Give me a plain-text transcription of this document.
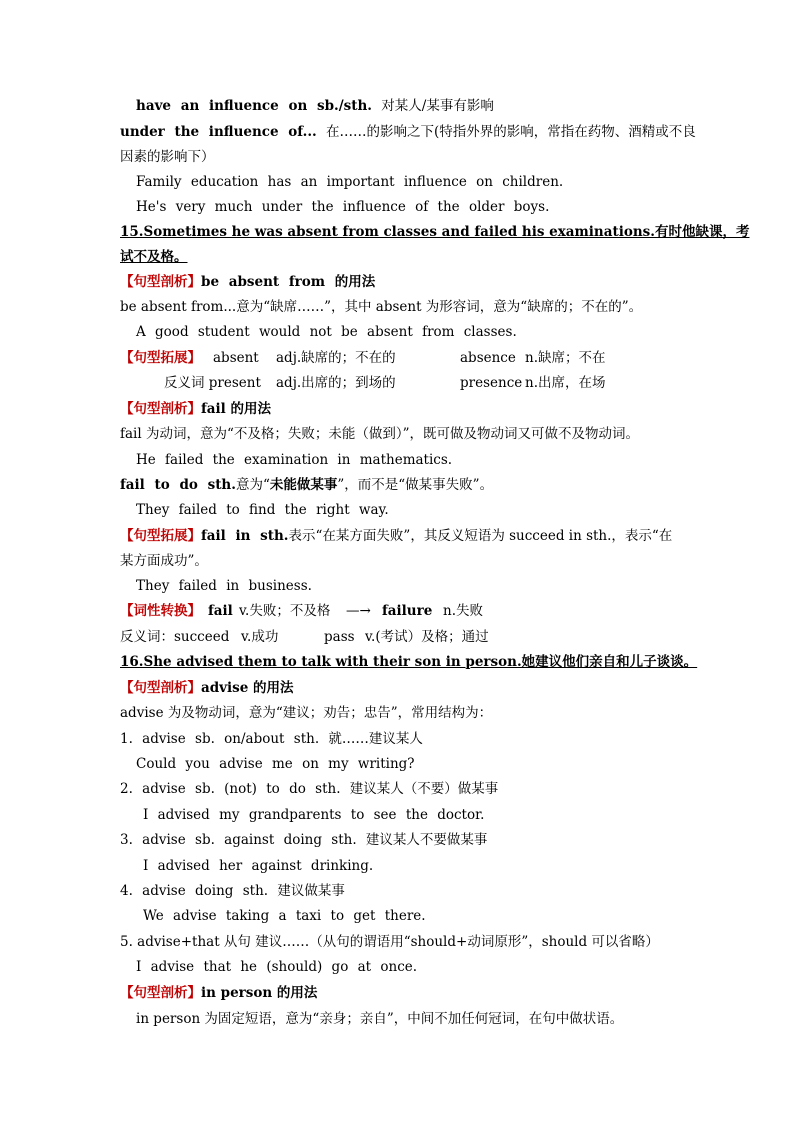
have an influence on sb./sth. 对某人/某事有影响
under the influence of... 在……的影响之下(特指外界的影响，常指在药物、酒精或不良
因素的影响下）
Family education has an important influence on children.
He's very much under the influence of the older boys.
15.Sometimes he was absent from classes and failed his examinations.有时他缺课，考
试不及格。
【句型剖析】be absent from 的用法
be absent from...意为“缺席……”，其中 absent 为形容词，意为“缺席的；不在的”。
A good student would not be absent from classes.
【句型拓展】 absent adj.缺席的；不在的	absence n.缺席；不在
反义词 present adj.出席的；到场的	presence n.出席，在场
【句型剖析】fail 的用法
fail 为动词，意为“不及格；失败；未能（做到）”，既可做及物动词又可做不及物动词。
He failed the examination in mathematics.
fail to do sth.意为“未能做某事”，而不是“做某事失败”。
They failed to find the right way.
【句型拓展】fail in sth.表示“在某方面失败”，其反义短语为 succeed in sth.，表示“在
某方面成功”。
They failed in business.
【词性转换】 fail v.失败；不及格 —→ failure n.失败
反义词：succeed v.成功	pass v.(考试）及格；通过
16.She advised them to talk with their son in person.她建议他们亲自和儿子谈谈。
【句型剖析】advise 的用法
advise 为及物动词，意为“建议；劝告；忠告”，常用结构为：
1. advise sb. on/about sth. 就……建议某人
Could you advise me on my writing?
2. advise sb. (not) to do sth. 建议某人（不要）做某事
I advised my grandparents to see the doctor.
3. advise sb. against doing sth. 建议某人不要做某事
I advised her against drinking.
4. advise doing sth. 建议做某事
We advise taking a taxi to get there.
5. advise+that 从句 建议……（从句的谓语用“should+动词原形”，should 可以省略）
I advise that he (should) go at once.
【句型剖析】in person 的用法
in person 为固定短语，意为“亲身；亲自”，中间不加任何冠词，在句中做状语。
